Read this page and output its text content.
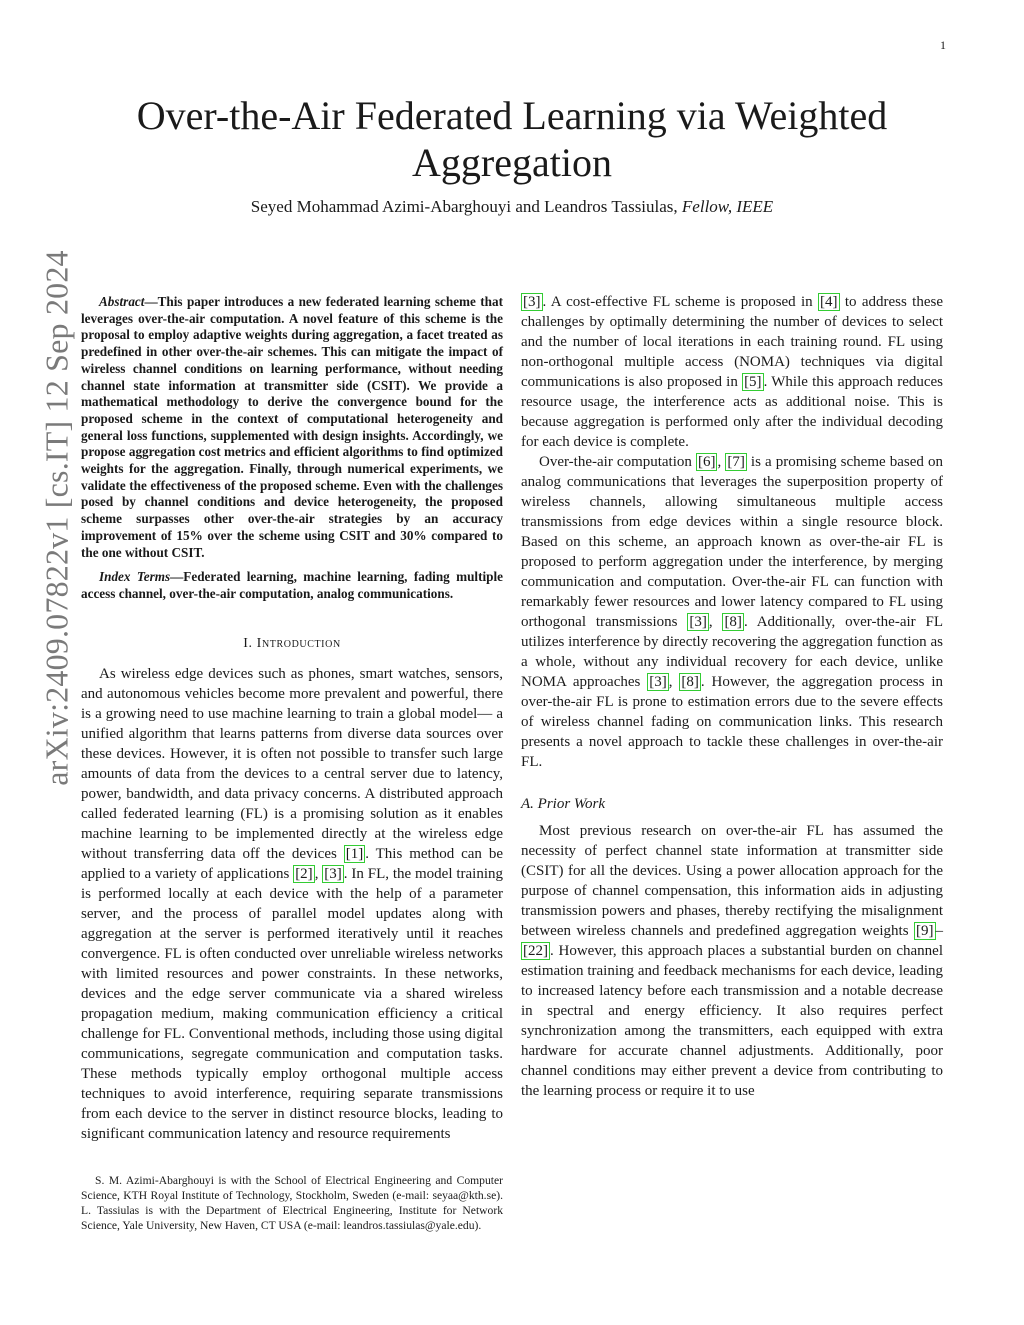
1
arXiv:2409.07822v1 [cs.IT] 12 Sep 2024
Over-the-Air Federated Learning via Weighted Aggregation
Seyed Mohammad Azimi-Abarghouyi and Leandros Tassiulas, Fellow, IEEE

Abstract—This paper introduces a new federated learning scheme that leverages over-the-air computation. A novel feature of this scheme is the proposal to employ adaptive weights during aggregation, a facet treated as predefined in other over-the-air schemes. This can mitigate the impact of wireless channel conditions on learning performance, without needing channel state information at transmitter side (CSIT). We provide a mathematical methodology to derive the convergence bound for the proposed scheme in the context of computational heterogeneity and general loss functions, supplemented with design insights. Accordingly, we propose aggregation cost metrics and efficient algorithms to find optimized weights for the aggregation. Finally, through numerical experiments, we validate the effectiveness of the proposed scheme. Even with the challenges posed by channel conditions and device heterogeneity, the proposed scheme surpasses other over-the-air strategies by an accuracy improvement of 15% over the scheme using CSIT and 30% compared to the one without CSIT.

Index Terms—Federated learning, machine learning, fading multiple access channel, over-the-air computation, analog communications.

I. Introduction

As wireless edge devices such as phones, smart watches, sensors, and autonomous vehicles become more prevalent and powerful, there is a growing need to use machine learning to train a global model— a unified algorithm that learns patterns from diverse data sources over these devices. However, it is often not possible to transfer such large amounts of data from the devices to a central server due to latency, power, bandwidth, and data privacy concerns. A distributed approach called federated learning (FL) is a promising solution as it enables machine learning to be implemented directly at the wireless edge without transferring data off the devices [1] . This method can be applied to a variety of applications [2] , [3] . In FL, the model training is performed locally at each device with the help of a parameter server, and the process of parallel model updates along with aggregation at the server is performed iteratively until it reaches convergence. FL is often conducted over unreliable wireless networks with limited resources and power constraints. In these networks, devices and the edge server communicate via a shared wireless propagation medium, making communication efficiency a critical challenge for FL. Conventional methods, including those using digital communications, segregate communication and computation tasks. These methods typically employ orthogonal multiple access techniques to avoid interference, requiring separate transmissions from each device to the server in distinct resource blocks, leading to significant communication latency and resource requirements

S. M. Azimi-Abarghouyi is with the School of Electrical Engineering and Computer Science, KTH Royal Institute of Technology, Stockholm, Sweden (e-mail: seyaa@kth.se). L. Tassiulas is with the Department of Electrical Engineering, Institute for Network Science, Yale University, New Haven, CT USA (e-mail: leandros.tassiulas@yale.edu).

[3] . A cost-effective FL scheme is proposed in [4] to address these challenges by optimally determining the number of devices to select and the number of local iterations in each training round. FL using non-orthogonal multiple access (NOMA) techniques via digital communications is also proposed in [5] . While this approach reduces resource usage, the interference acts as additional noise. This is because aggregation is performed only after the individual decoding for each device is complete.

Over-the-air computation [6] , [7] is a promising scheme based on analog communications that leverages the superposition property of wireless channels, allowing simultaneous multiple access transmissions from edge devices within a single resource block. Based on this scheme, an approach known as over-the-air FL is proposed to perform aggregation under the interference, by merging communication and computation. Over-the-air FL can function with remarkably fewer resources and lower latency compared to FL using orthogonal transmissions [3] , [8] . Additionally, over-the-air FL utilizes interference by directly recovering the aggregation function as a whole, without any individual recovery for each device, unlike NOMA approaches [3] , [8] . However, the aggregation process in over-the-air FL is prone to estimation errors due to the severe effects of wireless channel fading on communication links. This research presents a novel approach to tackle these challenges in over-the-air FL.

A. Prior Work

Most previous research on over-the-air FL has assumed the necessity of perfect channel state information at transmitter side (CSIT) for all the devices. Using a power allocation approach for the purpose of channel compensation, this information aids in adjusting transmission powers and phases, thereby rectifying the misalignment between wireless channels and predefined aggregation weights [9] –[22] . However, this approach places a substantial burden on channel estimation training and feedback mechanisms for each device, leading to increased latency before each transmission and a notable decrease in spectral and energy efficiency. It also requires perfect synchronization among the transmitters, each equipped with extra hardware for accurate channel adjustments. Additionally, poor channel conditions may either prevent a device from contributing to the learning process or require it to use
